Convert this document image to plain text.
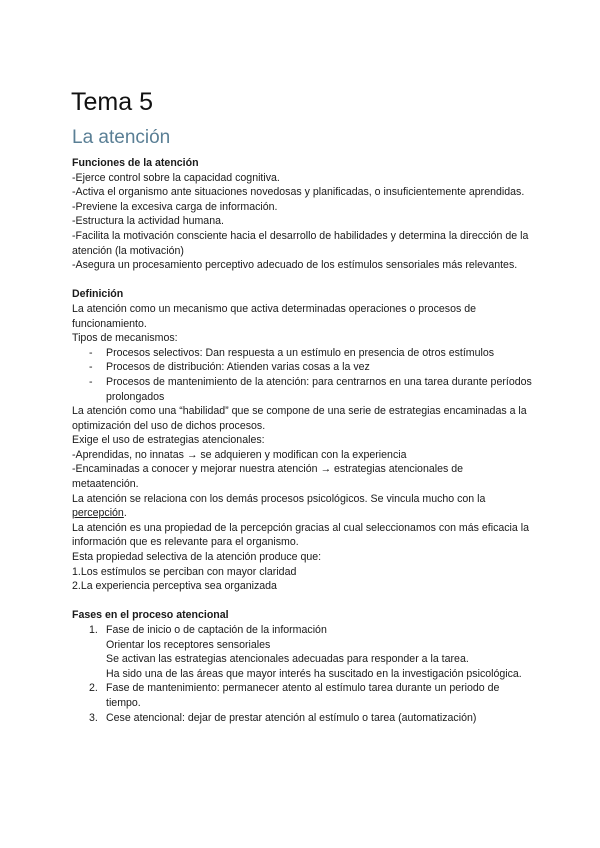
Tema 5
La atención

Funciones de la atención

-Ejerce control sobre la capacidad cognitiva.

-Activa el organismo ante situaciones novedosas y planificadas, o insuficientemente aprendidas.

-Previene la excesiva carga de información.

-Estructura la actividad humana.

-Facilita la motivación consciente hacia el desarrollo de habilidades y determina la dirección de la atención (la motivación)

-Asegura un procesamiento perceptivo adecuado de los estímulos sensoriales más relevantes.

Definición

La atención como un mecanismo que activa determinadas operaciones o procesos de funcionamiento.

Tipos de mecanismos:

- Procesos selectivos: Dan respuesta a un estímulo en presencia de otros estímulos
- Procesos de distribución: Atienden varias cosas a la vez
- Procesos de mantenimiento de la atención: para centrarnos en una tarea durante períodos prolongados

La atención como una “habilidad” que se compone de una serie de estrategias encaminadas a la optimización del uso de dichos procesos.

Exige el uso de estrategias atencionales:

-Aprendidas, no innatas → se adquieren y modifican con la experiencia

-Encaminadas a conocer y mejorar nuestra atención → estrategias atencionales de metaatención.

La atención se relaciona con los demás procesos psicológicos. Se vincula mucho con la percepción.

La atención es una propiedad de la percepción gracias al cual seleccionamos con más eficacia la información que es relevante para el organismo.

Esta propiedad selectiva de la atención produce que:

1.Los estímulos se perciban con mayor claridad

2.La experiencia perceptiva sea organizada

Fases en el proceso atencional

1. Fase de inicio o de captación de la información

Orientar los receptores sensoriales

Se activan las estrategias atencionales adecuadas para responder a la tarea.

Ha sido una de las áreas que mayor interés ha suscitado en la investigación psicológica.

2. Fase de mantenimiento: permanecer atento al estímulo tarea durante un periodo de tiempo.
3. Cese atencional: dejar de prestar atención al estímulo o tarea (automatización)
